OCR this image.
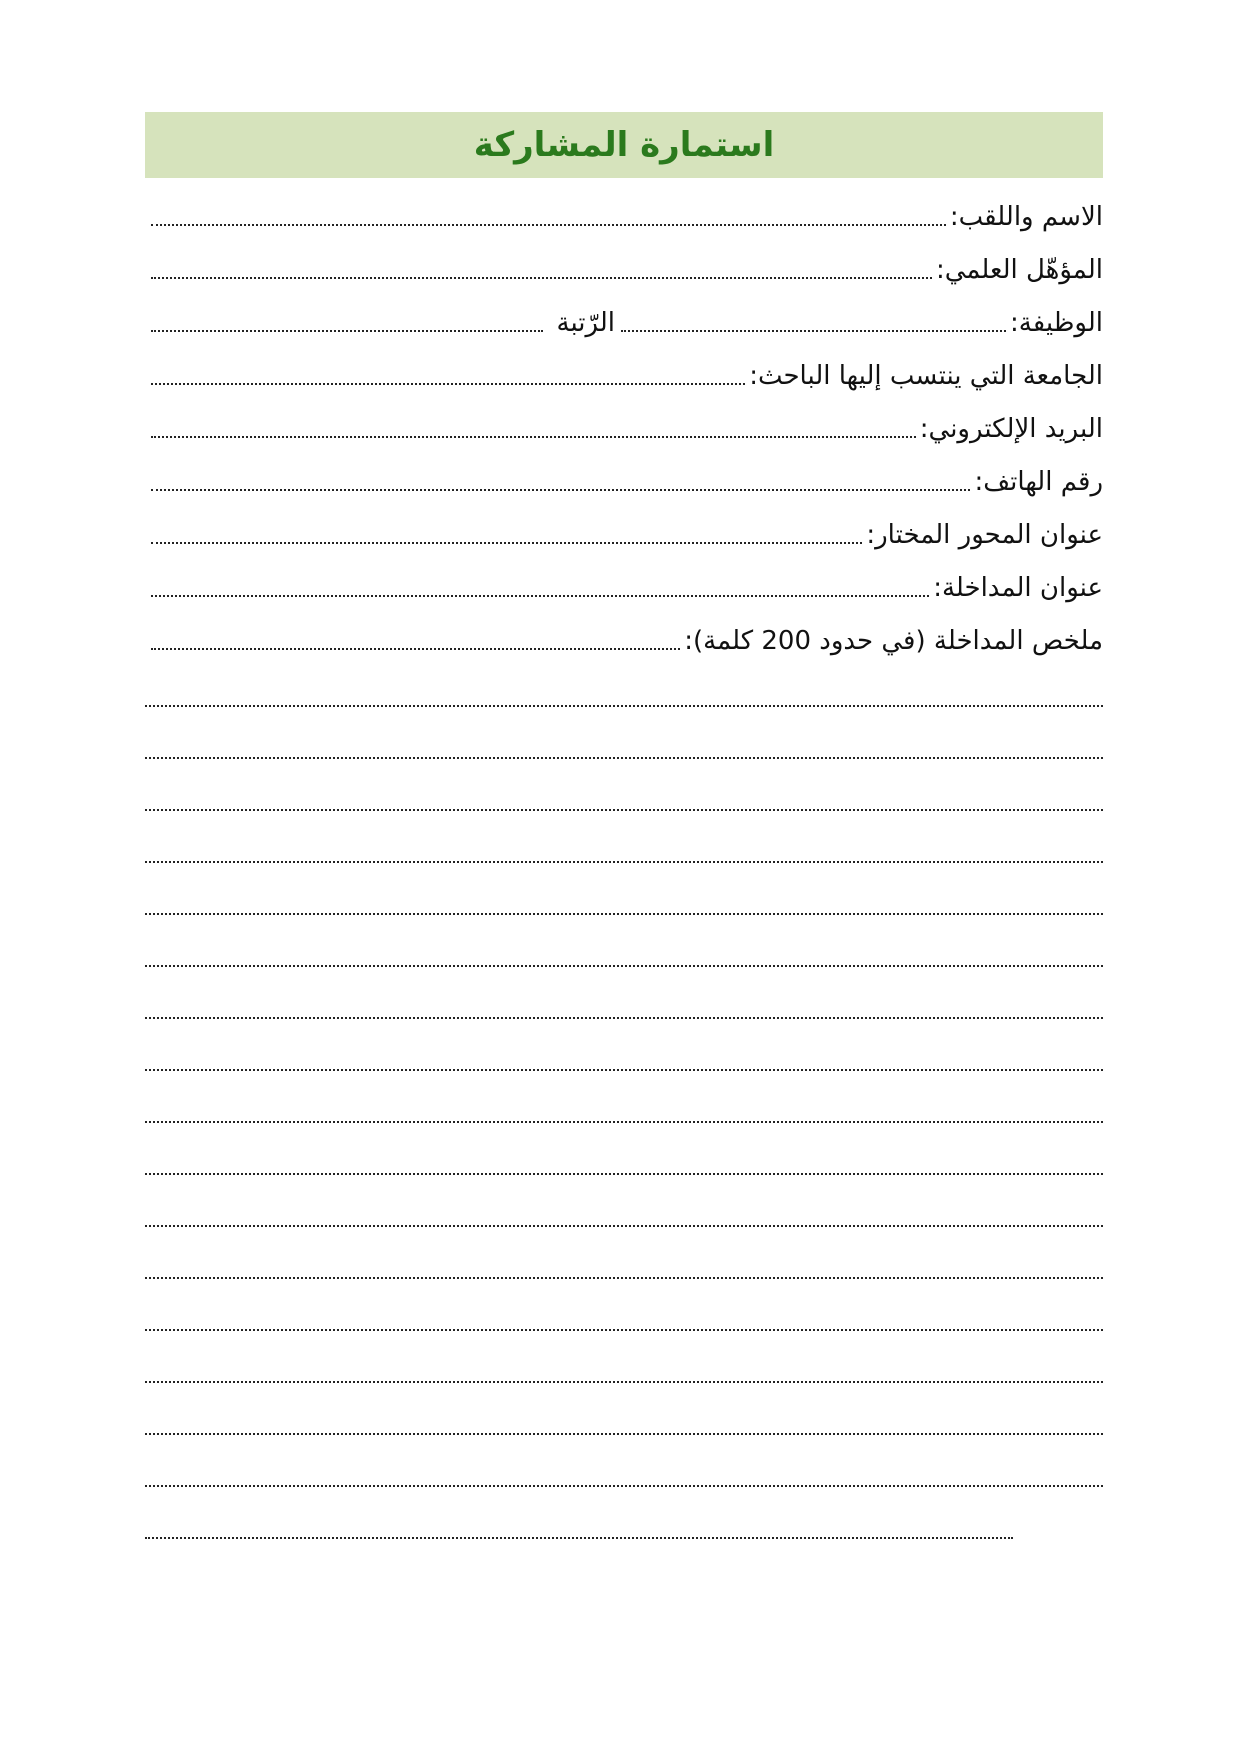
استمارة المشاركة
الاسم واللقب:
المؤهّل العلمي:
الوظيفة:
الرّتبة
الجامعة التي ينتسب إليها الباحث:
البريد الإلكتروني:
رقم الهاتف:
عنوان المحور المختار:
عنوان المداخلة:
ملخص المداخلة (في حدود 200 كلمة):
